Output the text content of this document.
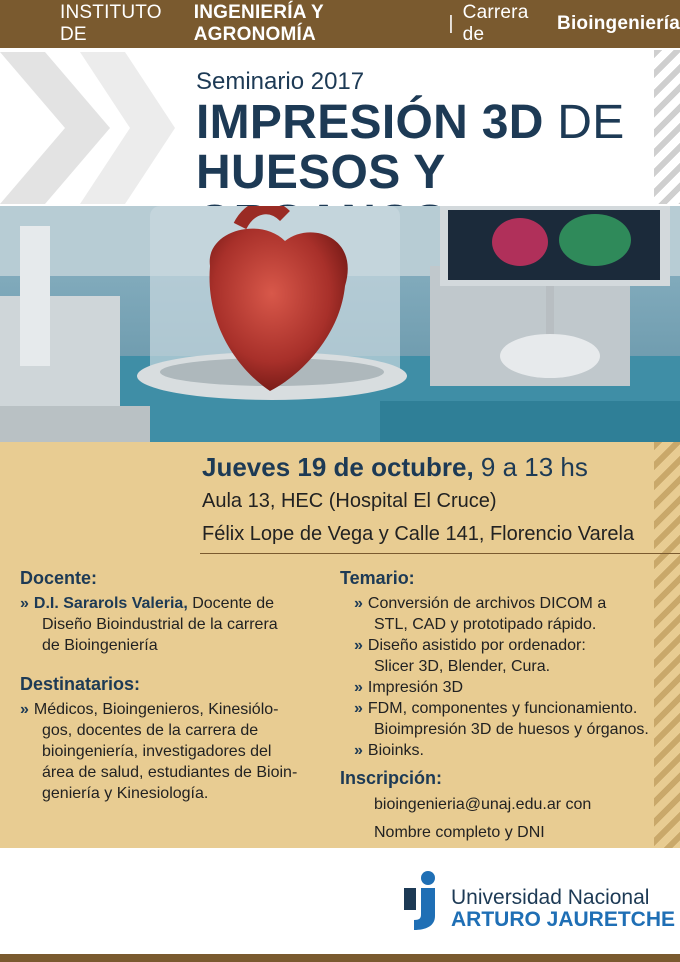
INSTITUTO DE

INGENIERÍA Y AGRONOMÍA
|
Carrera de

Bioingeniería
Seminario 2017
IMPRESIÓN 3D DE
HUESOS Y
Jueves 19 de octubre, 9 a 13 hs
Aula 13, HEC (Hospital El Cruce)
Félix Lope de Vega y Calle 141, Florencio Varela
Docente:
» D.I. Sararols Valeria, Docente de
Diseño Bioindustrial de la carrera
de Bioingeniería
Destinatarios:
» Médicos, Bioingenieros, Kinesiólo-
gos, docentes de la carrera de
bioingeniería, investigadores del
área de salud, estudiantes de Bioin-
geniería y Kinesiología.
Temario:
» Conversión de archivos DICOM a
STL, CAD y prototipado rápido.
» Diseño asistido por ordenador:
Slicer 3D, Blender, Cura.
» Impresión 3D
» FDM, componentes y funcionamiento.
Bioimpresión 3D de huesos y órganos.
» Bioinks.
Inscripción:
bioingenieria@unaj.edu.ar con
Nombre completo y DNI
Universidad Nacional
ARTURO JAURETCHE
